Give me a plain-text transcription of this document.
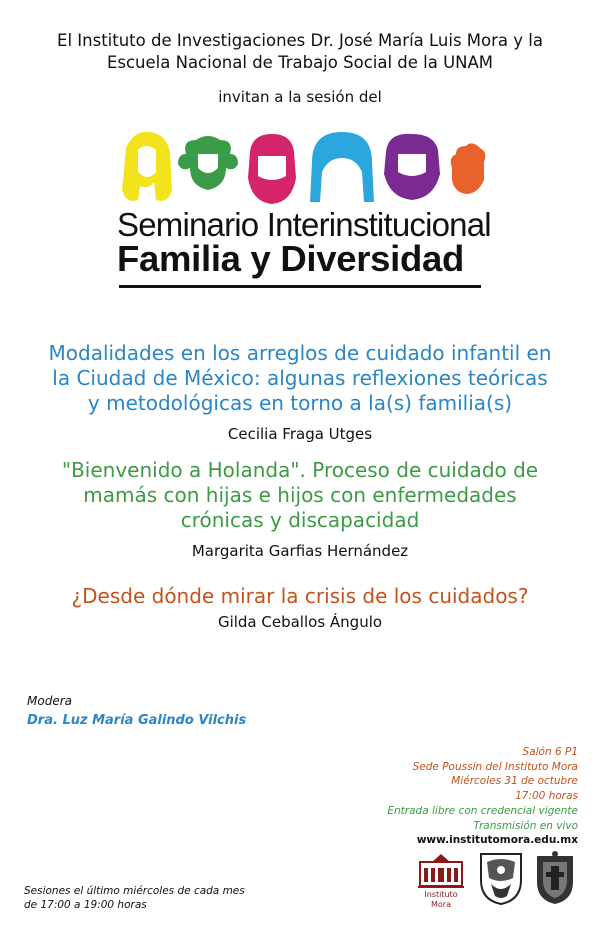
El Instituto de Investigaciones Dr. José María Luis Mora y la
Escuela Nacional de Trabajo Social de la UNAM
invitan a la sesión del
Seminario Interinstitucional
Familia y Diversidad
Modalidades en los arreglos de cuidado infantil en
la Ciudad de México: algunas reflexiones teóricas
y metodológicas en torno a la(s) familia(s)
Cecilia Fraga Utges
"Bienvenido a Holanda". Proceso de cuidado de
mamás con hijas e hijos con enfermedades
crónicas y discapacidad
Margarita Garfias Hernández
¿Desde dónde mirar la crisis de los cuidados?
Gilda Ceballos Ángulo
Modera
Dra. Luz María Galindo Vilchis
Salón 6 P1
Sede Poussin del Instituto Mora
Miércoles 31 de octubre
17:00 horas
Entrada libre con credencial vigente
Transmisión en vivo
www.institutomora.edu.mx
Sesiones el último miércoles de cada mes
de 17:00 a 19:00 horas
Instituto
Mora
